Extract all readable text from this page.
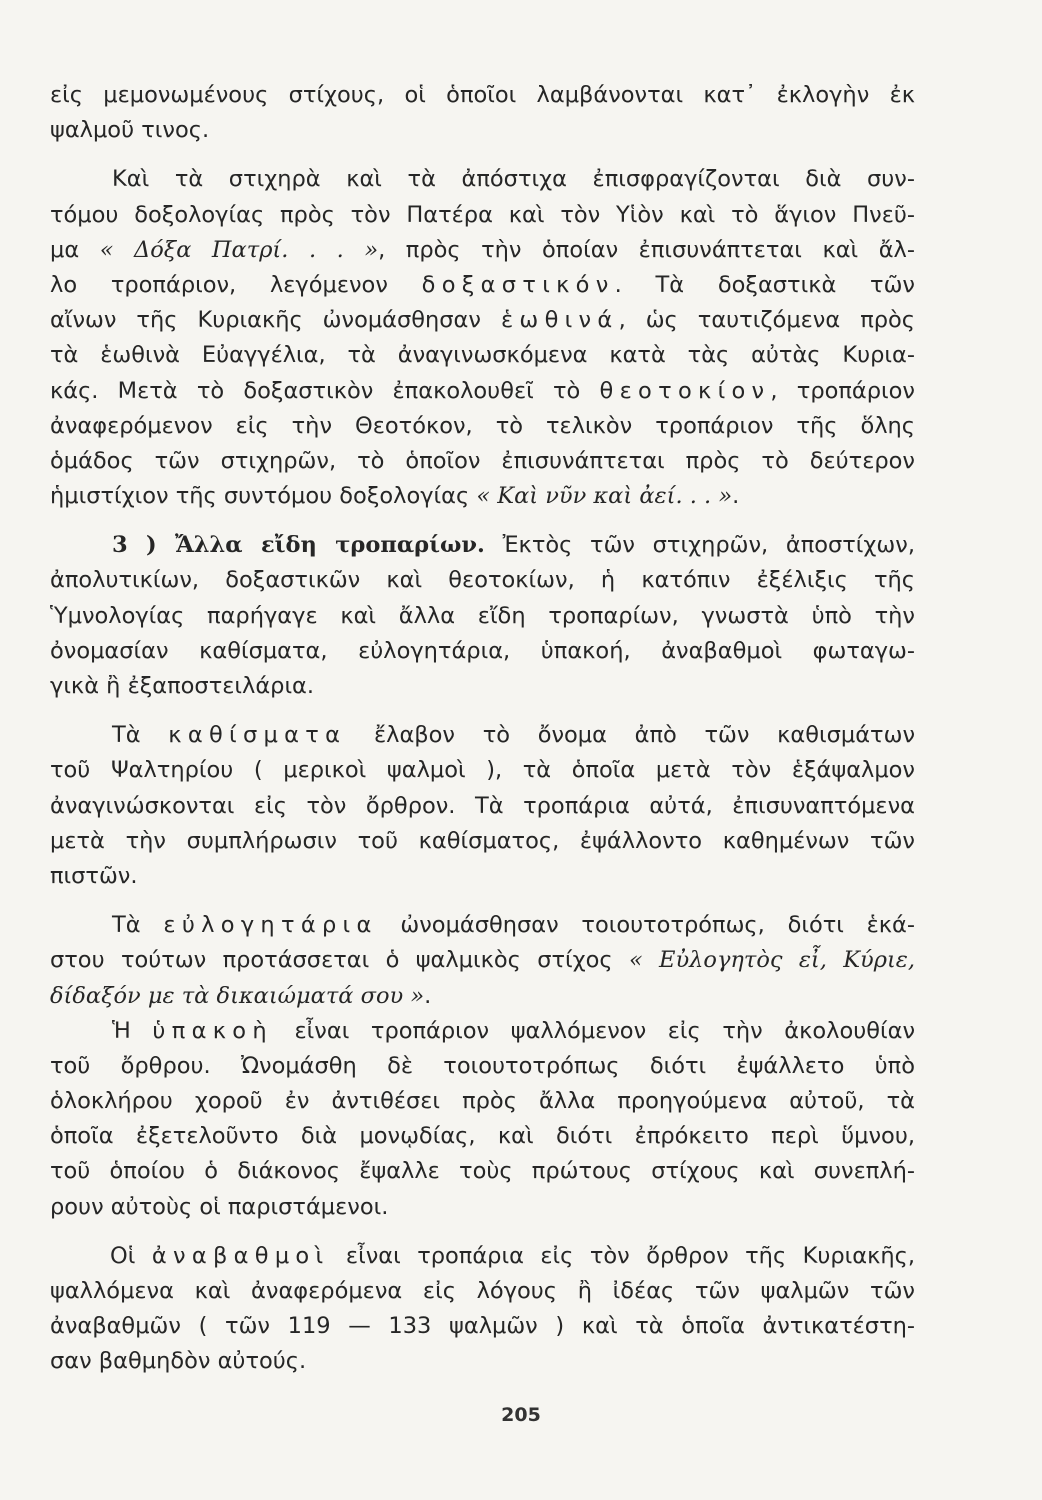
εἰς μεμονωμένους στίχους, οἱ ὁποῖοι λαμβάνονται κατ᾿ ἐκλογὴν ἐκ
ψαλμοῦ τινος.
Καὶ τὰ στιχηρὰ καὶ τὰ ἀπόστιχα ἐπισφραγίζονται διὰ συν-
τόμου δοξολογίας πρὸς τὸν Πατέρα καὶ τὸν Υἱὸν καὶ τὸ ἅγιον Πνεῦ-
μα « Δόξα Πατρί. . . », πρὸς τὴν ὁποίαν ἐπισυνάπτεται καὶ ἄλ-
λο τροπάριον, λεγόμενον δοξαστικόν. Τὰ δοξαστικὰ τῶν
αἴνων τῆς Κυριακῆς ὠνομάσθησαν ἑωθινά, ὡς ταυτιζόμενα πρὸς
τὰ ἑωθινὰ Εὐαγγέλια, τὰ ἀναγινωσκόμενα κατὰ τὰς αὐτὰς Κυρια-
κάς. Μετὰ τὸ δοξαστικὸν ἐπακολουθεῖ τὸ θεοτοκίον, τροπάριον
ἀναφερόμενον εἰς τὴν Θεοτόκον, τὸ τελικὸν τροπάριον τῆς ὅλης
ὁμάδος τῶν στιχηρῶν, τὸ ὁποῖον ἐπισυνάπτεται πρὸς τὸ δεύτερον
ἡμιστίχιον τῆς συντόμου δοξολογίας « Καὶ νῦν καὶ ἀεί. . . ».
3 ) Ἄλλα εἴδη τροπαρίων. Ἐκτὸς τῶν στιχηρῶν, ἀποστίχων,
ἀπολυτικίων, δοξαστικῶν καὶ θεοτοκίων, ἡ κατόπιν ἐξέλιξις τῆς
Ὑμνολογίας παρήγαγε καὶ ἄλλα εἴδη τροπαρίων, γνωστὰ ὑπὸ τὴν
ὀνομασίαν καθίσματα, εὐλογητάρια, ὑπακοή, ἀναβαθμοὶ φωταγω-
γικὰ ἢ ἐξαποστειλάρια.
Τὰ καθίσματα ἔλαβον τὸ ὄνομα ἀπὸ τῶν καθισμάτων
τοῦ Ψαλτηρίου ( μερικοὶ ψαλμοὶ ), τὰ ὁποῖα μετὰ τὸν ἑξάψαλμον
ἀναγινώσκονται εἰς τὸν ὄρθρον. Τὰ τροπάρια αὐτά, ἐπισυναπτόμενα
μετὰ τὴν συμπλήρωσιν τοῦ καθίσματος, ἐψάλλοντο καθημένων τῶν
πιστῶν.
Τὰ εὐλογητάρια ὠνομάσθησαν τοιουτοτρόπως, διότι ἑκά-
στου τούτων προτάσσεται ὁ ψαλμικὸς στίχος « Εὐλογητὸς εἶ, Κύριε,
δίδαξόν με τὰ δικαιώματά σου ».
Ἡ ὑπακοὴ εἶναι τροπάριον ψαλλόμενον εἰς τὴν ἀκολουθίαν
τοῦ ὄρθρου. Ὠνομάσθη δὲ τοιουτοτρόπως διότι ἐψάλλετο ὑπὸ
ὁλοκλήρου χοροῦ ἐν ἀντιθέσει πρὸς ἄλλα προηγούμενα αὐτοῦ, τὰ
ὁποῖα ἐξετελοῦντο διὰ μονῳδίας, καὶ διότι ἐπρόκειτο περὶ ὕμνου,
τοῦ ὁποίου ὁ διάκονος ἔψαλλε τοὺς πρώτους στίχους καὶ συνεπλή-
ρουν αὐτοὺς οἱ παριστάμενοι.
Οἱ ἀναβαθμοὶ εἶναι τροπάρια εἰς τὸν ὄρθρον τῆς Κυριακῆς,
ψαλλόμενα καὶ ἀναφερόμενα εἰς λόγους ἢ ἰδέας τῶν ψαλμῶν τῶν
ἀναβαθμῶν ( τῶν 119 — 133 ψαλμῶν ) καὶ τὰ ὁποῖα ἀντικατέστη-
σαν βαθμηδὸν αὐτούς.
205
